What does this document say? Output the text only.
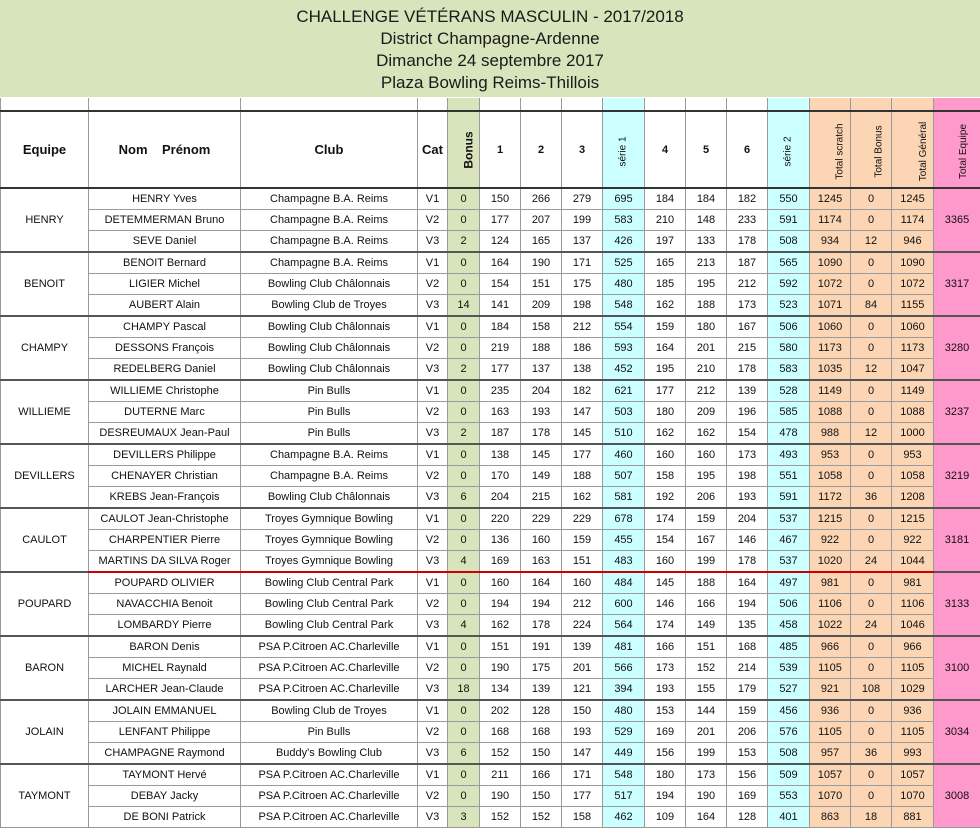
CHALLENGE VÉTÉRANS MASCULIN - 2017/2018
District Champagne-Ardenne
Dimanche 24 septembre 2017
Plaza Bowling Reims-Thillois

Equipe	Nom    Prénom	Club	Cat	Bonus	1	2	3	série 1	4	5	6	série 2	Total scratch	Total Bonus	Total Général	Total Equipe
HENRY	HENRY Yves	Champagne B.A. Reims	V1	0	150	266	279	695	184	184	182	550	1245	0	1245	3365
	DETEMMERMAN Bruno	Champagne B.A. Reims	V2	0	177	207	199	583	210	148	233	591	1174	0	1174	
	SEVE Daniel	Champagne B.A. Reims	V3	2	124	165	137	426	197	133	178	508	934	12	946	
BENOIT	BENOIT Bernard	Champagne B.A. Reims	V1	0	164	190	171	525	165	213	187	565	1090	0	1090	3317
	LIGIER Michel	Bowling Club Châlonnais	V2	0	154	151	175	480	185	195	212	592	1072	0	1072	
	AUBERT Alain	Bowling Club de Troyes	V3	14	141	209	198	548	162	188	173	523	1071	84	1155	
CHAMPY	CHAMPY Pascal	Bowling Club Châlonnais	V1	0	184	158	212	554	159	180	167	506	1060	0	1060	3280
	DESSONS François	Bowling Club Châlonnais	V2	0	219	188	186	593	164	201	215	580	1173	0	1173	
	REDELBERG Daniel	Bowling Club Châlonnais	V3	2	177	137	138	452	195	210	178	583	1035	12	1047	
WILLIEME	WILLIEME Christophe	Pin Bulls	V1	0	235	204	182	621	177	212	139	528	1149	0	1149	3237
	DUTERNE Marc	Pin Bulls	V2	0	163	193	147	503	180	209	196	585	1088	0	1088	
	DESREUMAUX Jean-Paul	Pin Bulls	V3	2	187	178	145	510	162	162	154	478	988	12	1000	
DEVILLERS	DEVILLERS Philippe	Champagne B.A. Reims	V1	0	138	145	177	460	160	160	173	493	953	0	953	3219
	CHENAYER Christian	Champagne B.A. Reims	V2	0	170	149	188	507	158	195	198	551	1058	0	1058	
	KREBS Jean-François	Bowling Club Châlonnais	V3	6	204	215	162	581	192	206	193	591	1172	36	1208	
CAULOT	CAULOT Jean-Christophe	Troyes Gymnique Bowling	V1	0	220	229	229	678	174	159	204	537	1215	0	1215	3181
	CHARPENTIER Pierre	Troyes Gymnique Bowling	V2	0	136	160	159	455	154	167	146	467	922	0	922	
	MARTINS DA SILVA Roger	Troyes Gymnique Bowling	V3	4	169	163	151	483	160	199	178	537	1020	24	1044	
POUPARD	POUPARD OLIVIER	Bowling Club Central Park	V1	0	160	164	160	484	145	188	164	497	981	0	981	3133
	NAVACCHIA Benoit	Bowling Club Central Park	V2	0	194	194	212	600	146	166	194	506	1106	0	1106	
	LOMBARDY Pierre	Bowling Club Central Park	V3	4	162	178	224	564	174	149	135	458	1022	24	1046	
BARON	BARON Denis	PSA P.Citroen AC.Charleville	V1	0	151	191	139	481	166	151	168	485	966	0	966	3100
	MICHEL Raynald	PSA P.Citroen AC.Charleville	V2	0	190	175	201	566	173	152	214	539	1105	0	1105	
	LARCHER Jean-Claude	PSA P.Citroen AC.Charleville	V3	18	134	139	121	394	193	155	179	527	921	108	1029	
JOLAIN	JOLAIN EMMANUEL	Bowling Club de Troyes	V1	0	202	128	150	480	153	144	159	456	936	0	936	3034
	LENFANT Philippe	Pin Bulls	V2	0	168	168	193	529	169	201	206	576	1105	0	1105	
	CHAMPAGNE Raymond	Buddy's Bowling Club	V3	6	152	150	147	449	156	199	153	508	957	36	993	
TAYMONT	TAYMONT Hervé	PSA P.Citroen AC.Charleville	V1	0	211	166	171	548	180	173	156	509	1057	0	1057	3008
	DEBAY Jacky	PSA P.Citroen AC.Charleville	V2	0	190	150	177	517	194	190	169	553	1070	0	1070	
	DE BONI Patrick	PSA P.Citroen AC.Charleville	V3	3	152	152	158	462	109	164	128	401	863	18	881	
